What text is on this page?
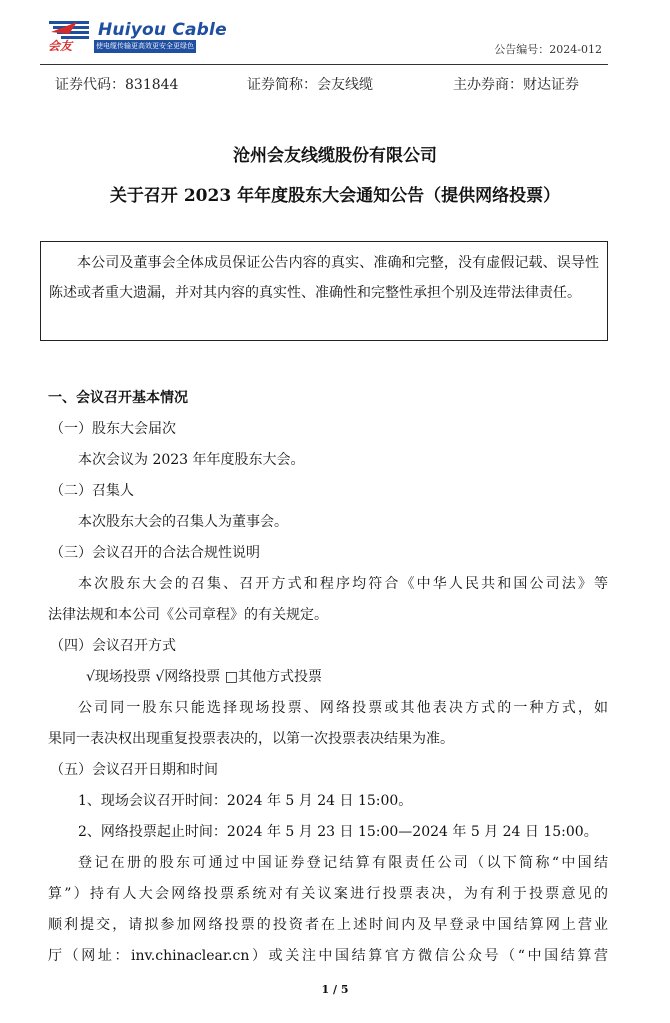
Huiyou Cable
会友	使电缆传输更高效更安全更绿色	公告编号：2024-012
证券代码：831844	证券简称：会友线缆	主办券商：财达证券
沧州会友线缆股份有限公司
关于召开 2023 年年度股东大会通知公告（提供网络投票）

本公司及董事会全体成员保证公告内容的真实、准确和完整，没有虚假记载、误导性陈述或者重大遗漏，并对其内容的真实性、准确性和完整性承担个别及连带法律责任。

一、会议召开基本情况
（一）股东大会届次
本次会议为 2023 年年度股东大会。
（二）召集人
本次股东大会的召集人为董事会。
（三）会议召开的合法合规性说明
本次股东大会的召集、召开方式和程序均符合《中华人民共和国公司法》等
法律法规和本公司《公司章程》的有关规定。
（四）会议召开方式
√现场投票 √网络投票 □其他方式投票
公司同一股东只能选择现场投票、网络投票或其他表决方式的一种方式，如
果同一表决权出现重复投票表决的，以第一次投票表决结果为准。
（五）会议召开日期和时间
1、现场会议召开时间：2024 年 5 月 24 日 15:00。
2、网络投票起止时间：2024 年 5 月 23 日 15:00—2024 年 5 月 24 日 15:00。
登记在册的股东可通过中国证券登记结算有限责任公司（以下简称“中国结
算”）持有人大会网络投票系统对有关议案进行投票表决，为有利于投票意见的
顺利提交，请拟参加网络投票的投资者在上述时间内及早登录中国结算网上营业
厅（网址：inv.chinaclear.cn）或关注中国结算官方微信公众号（“中国结算营
1 / 5
